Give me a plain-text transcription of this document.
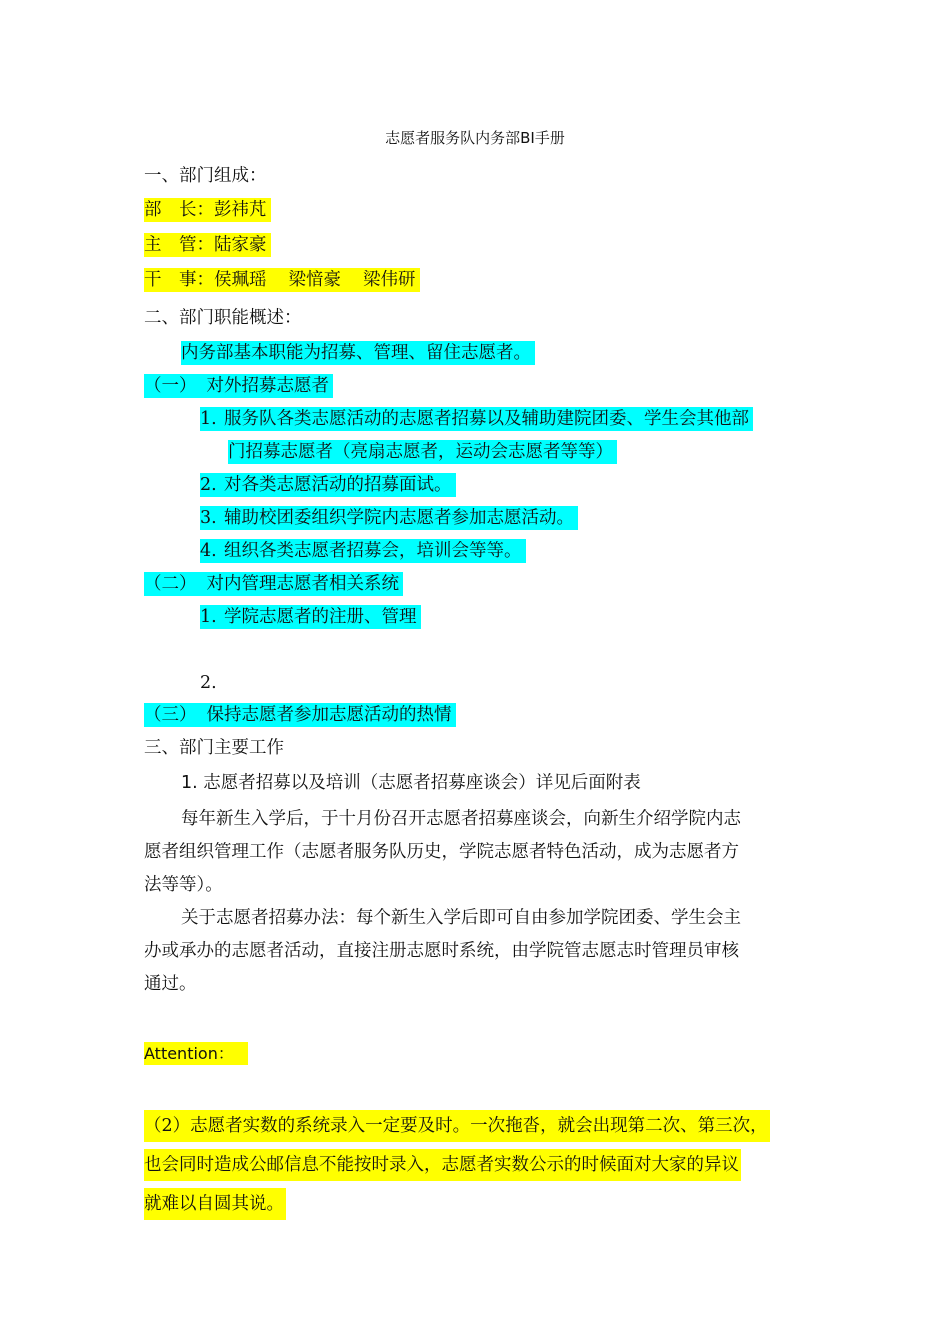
志愿者服务队内务部BI手册
一、部门组成：
部　长：彭祎芃
主　管：陆家豪
干　事：侯珮瑶 梁愔豪 梁伟研
二、部门职能概述：
内务部基本职能为招募、管理、留住志愿者。
（一） 对外招募志愿者
1. 服务队各类志愿活动的志愿者招募以及辅助建院团委、学生会其他部
门招募志愿者（亮扇志愿者，运动会志愿者等等）
2. 对各类志愿活动的招募面试。
3. 辅助校团委组织学院内志愿者参加志愿活动。
4. 组织各类志愿者招募会，培训会等等。
（二） 对内管理志愿者相关系统
1. 学院志愿者的注册、管理
2.
（三） 保持志愿者参加志愿活动的热情
三、部门主要工作
1. 志愿者招募以及培训（志愿者招募座谈会）详见后面附表
每年新生入学后，于十月份召开志愿者招募座谈会，向新生介绍学院内志
愿者组织管理工作（志愿者服务队历史，学院志愿者特色活动，成为志愿者方
法等等）。
关于志愿者招募办法：每个新生入学后即可自由参加学院团委、学生会主
办或承办的志愿者活动，直接注册志愿时系统，由学院管志愿志时管理员审核
通过。
Attention：
（2）志愿者实数的系统录入一定要及时。一次拖沓，就会出现第二次、第三次，
也会同时造成公邮信息不能按时录入，志愿者实数公示的时候面对大家的异议
就难以自圆其说。
